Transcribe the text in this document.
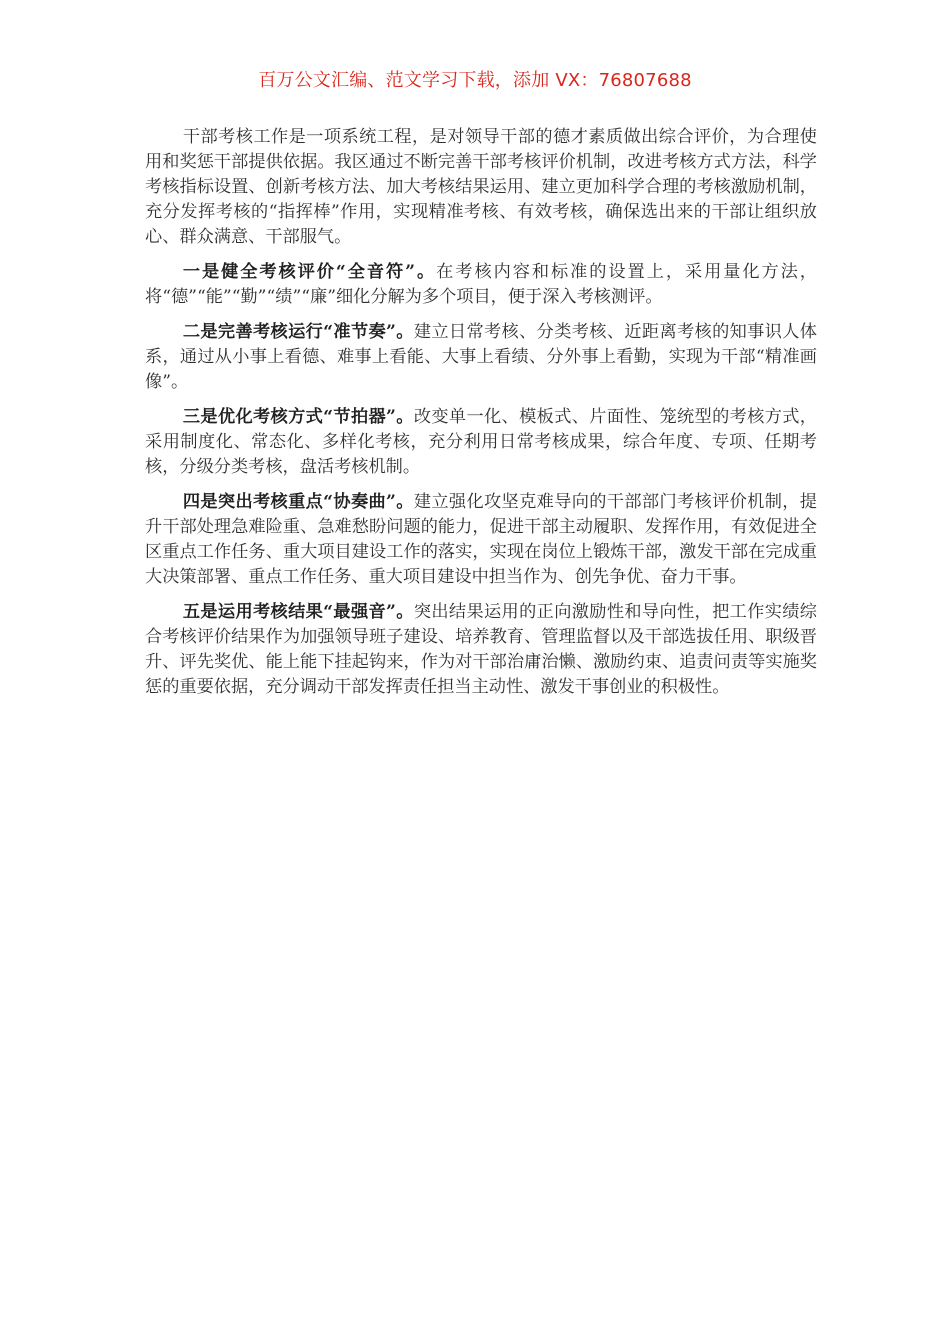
百万公文汇编、范文学习下载，添加 VX：76807688

干部考核工作是一项系统工程，是对领导干部的德才素质做出综合评价，为合理使用和奖惩干部提供依据。我区通过不断完善干部考核评价机制，改进考核方式方法，科学考核指标设置、创新考核方法、加大考核结果运用、建立更加科学合理的考核激励机制，充分发挥考核的“指挥棒”作用，实现精准考核、有效考核，确保选出来的干部让组织放心、群众满意、干部服气。

一是健全考核评价“全音符”。在考核内容和标准的设置上，采用量化方法，将“德”“能”“勤”“绩”“廉”细化分解为多个项目，便于深入考核测评。

二是完善考核运行“准节奏”。建立日常考核、分类考核、近距离考核的知事识人体系，通过从小事上看德、难事上看能、大事上看绩、分外事上看勤，实现为干部“精准画像”。

三是优化考核方式“节拍器”。改变单一化、模板式、片面性、笼统型的考核方式，采用制度化、常态化、多样化考核，充分利用日常考核成果，综合年度、专项、任期考核，分级分类考核，盘活考核机制。

四是突出考核重点“协奏曲”。建立强化攻坚克难导向的干部部门考核评价机制，提升干部处理急难险重、急难愁盼问题的能力，促进干部主动履职、发挥作用，有效促进全区重点工作任务、重大项目建设工作的落实，实现在岗位上锻炼干部，激发干部在完成重大决策部署、重点工作任务、重大项目建设中担当作为、创先争优、奋力干事。

五是运用考核结果“最强音”。突出结果运用的正向激励性和导向性，把工作实绩综合考核评价结果作为加强领导班子建设、培养教育、管理监督以及干部选拔任用、职级晋升、评先奖优、能上能下挂起钩来，作为对干部治庸治懒、激励约束、追责问责等实施奖惩的重要依据，充分调动干部发挥责任担当主动性、激发干事创业的积极性。
